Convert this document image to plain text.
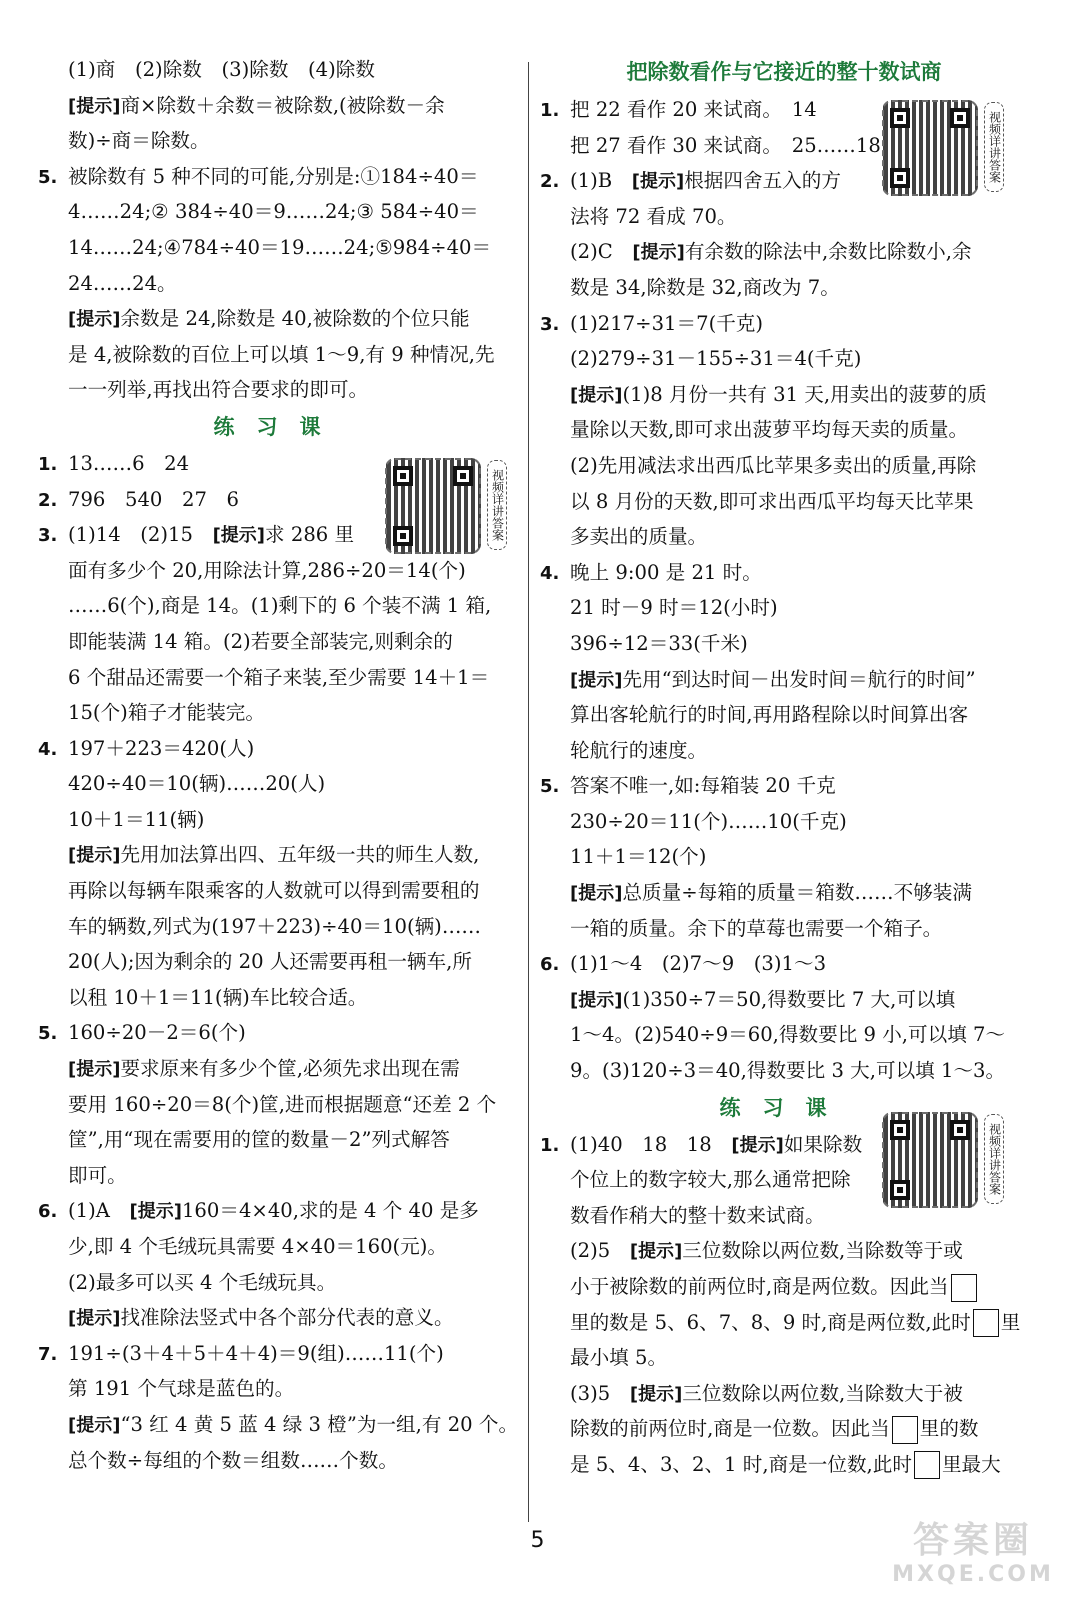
(1)商　(2)除数　(3)除数　(4)除数
[ 提示 ] 商×除数＋余数＝被除数,(被除数－余
数)÷商＝除数。
5. 被除数有 5 种不同的可能,分别是:①184÷40＝
4……24;② 384÷40＝9……24;③ 584÷40＝
14……24;④784÷40＝19……24;⑤984÷40＝
24……24。
[ 提示 ] 余数是 24,除数是 40,被除数的个位只能
是 4,被除数的百位上可以填 1～9,有 9 种情况,先
一一列举,再找出符合要求的即可。
练习课
1. 13……6　24
2. 796　540　27　6
3. (1)14　(2)15　[ 提示 ] 求 286 里
面有多少个 20,用除法计算,286÷20＝14(个)
……6(个),商是 14。(1)剩下的 6 个装不满 1 箱,
即能装满 14 箱。(2)若要全部装完,则剩余的
6 个甜品还需要一个箱子来装,至少需要 14＋1＝
15(个)箱子才能装完。
4. 197＋223＝420(人)
420÷40＝10(辆)……20(人)
10＋1＝11(辆)
[ 提示 ] 先用加法算出四、五年级一共的师生人数,
再除以每辆车限乘客的人数就可以得到需要租的
车的辆数,列式为(197＋223)÷40＝10(辆)……
20(人);因为剩余的 20 人还需要再租一辆车,所
以租 10＋1＝11(辆)车比较合适。
5. 160÷20－2＝6(个)
[ 提示 ] 要求原来有多少个筐,必须先求出现在需
要用 160÷20＝8(个)筐,进而根据题意“还差 2 个
筐”,用“现在需要用的筐的数量－2”列式解答
即可。
6. (1)A　[ 提示 ] 160＝4×40,求的是 4 个 40 是多
少,即 4 个毛绒玩具需要 4×40＝160(元)。
(2)最多可以买 4 个毛绒玩具。
[ 提示 ] 找准除法竖式中各个部分代表的意义。
7. 191÷(3＋4＋5＋4＋4)＝9(组)……11(个)
第 191 个气球是蓝色的。
[ 提示 ] “3 红 4 黄 5 蓝 4 绿 3 橙”为一组,有 20 个。
总个数÷每组的个数＝组数……个数。
视频详讲答案
把除数看作与它接近的整十数试商
1. 把 22 看作 20 来试商。　14
把 27 看作 30 来试商。　25……18
2. (1)B　[ 提示 ] 根据四舍五入的方
法将 72 看成 70。
(2)C　[ 提示 ] 有余数的除法中,余数比除数小,余
数是 34,除数是 32,商改为 7。
3. (1)217÷31＝7(千克)
(2)279÷31－155÷31＝4(千克)
[ 提示 ] (1)8 月份一共有 31 天,用卖出的菠萝的质
量除以天数,即可求出菠萝平均每天卖的质量。
(2)先用减法求出西瓜比苹果多卖出的质量,再除
以 8 月份的天数,即可求出西瓜平均每天比苹果
多卖出的质量。
4. 晚上 9:00 是 21 时。
21 时－9 时＝12(小时)
396÷12＝33(千米)
[ 提示 ] 先用“到达时间－出发时间＝航行的时间”
算出客轮航行的时间,再用路程除以时间算出客
轮航行的速度。
5. 答案不唯一,如:每箱装 20 千克
230÷20＝11(个)……10(千克)
11＋1＝12(个)
[ 提示 ] 总质量÷每箱的质量＝箱数……不够装满
一箱的质量。余下的草莓也需要一个箱子。
6. (1)1～4　(2)7～9　(3)1～3
[ 提示 ] (1)350÷7＝50,得数要比 7 大,可以填
1～4。(2)540÷9＝60,得数要比 9 小,可以填 7～
9。(3)120÷3＝40,得数要比 3 大,可以填 1～3。
练习课
1. (1)40　18　18　[ 提示 ] 如果除数
个位上的数字较大,那么通常把除
数看作稍大的整十数来试商。
(2)5　[ 提示 ] 三位数除以两位数,当除数等于或
小于被除数的前两位时,商是两位数。因此当
里的数是 5、6、7、8、9 时,商是两位数,此时 里
最小填 5。
(3)5　[ 提示 ] 三位数除以两位数,当除数大于被
除数的前两位时,商是一位数。因此当 里的数
是 5、4、3、2、1 时,商是一位数,此时 里最大
视频详讲答案
视频详讲答案
5	答案圈
MXQE.COM
